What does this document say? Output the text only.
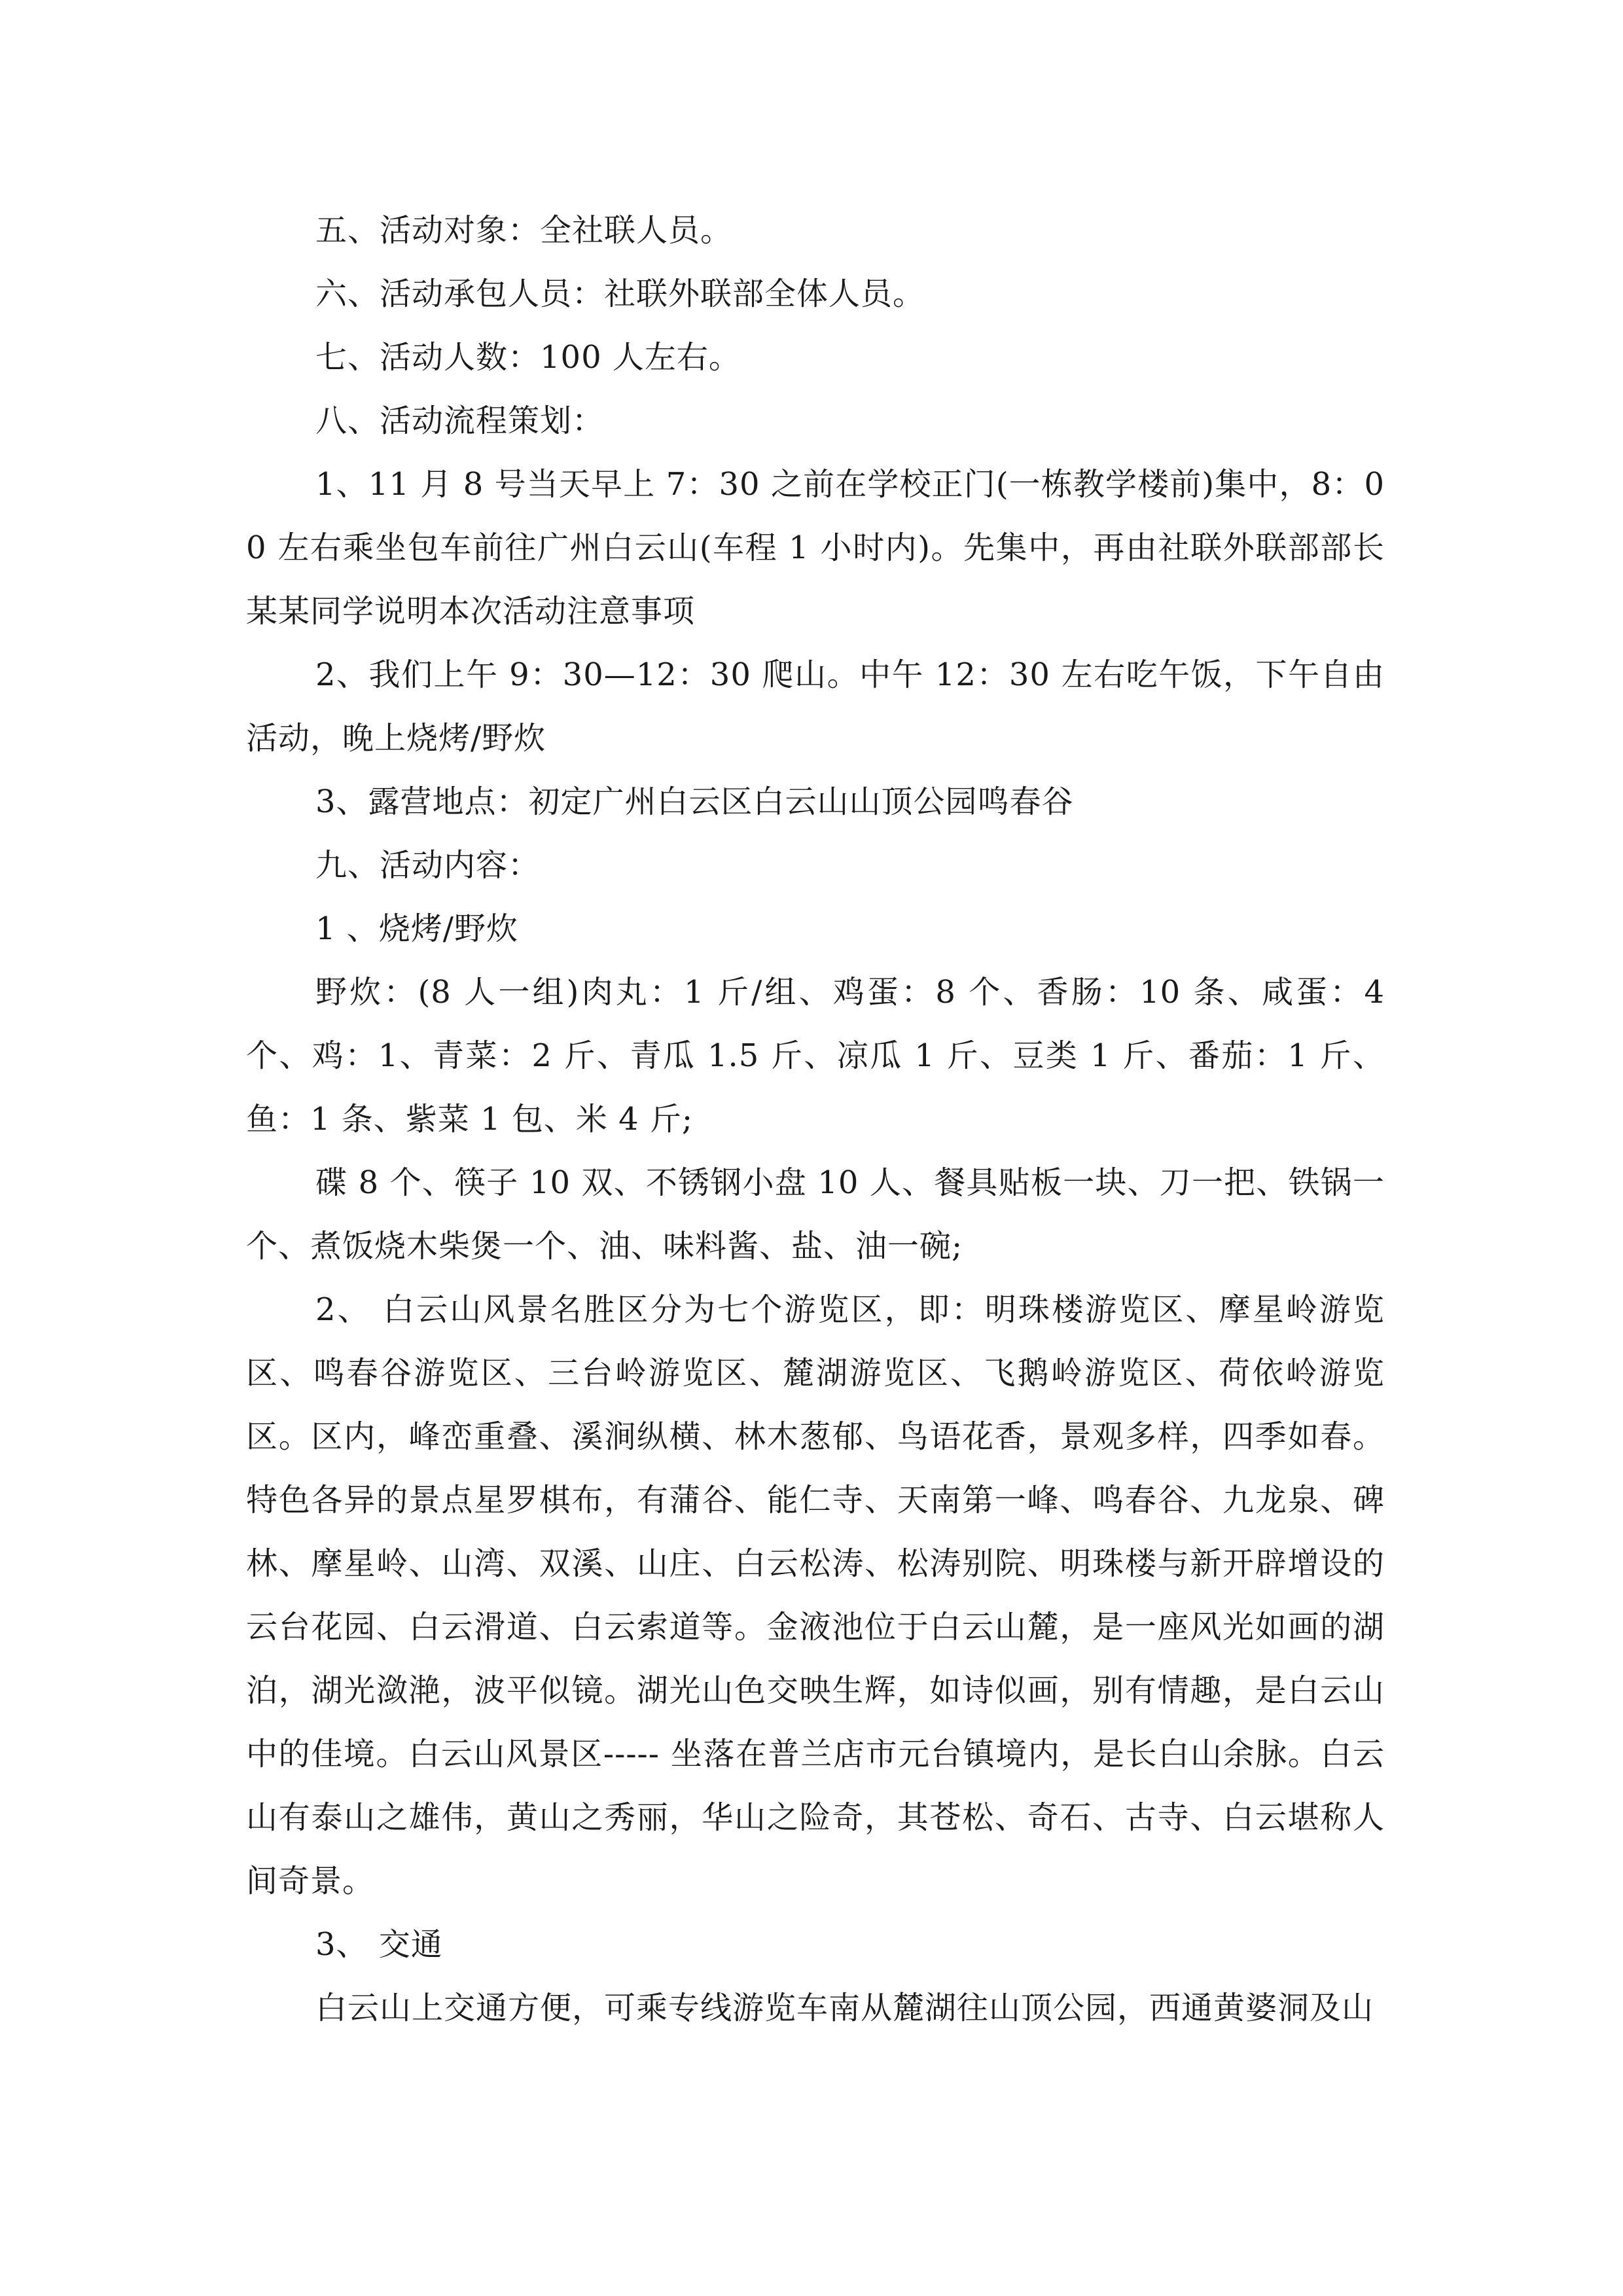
五、活动对象：全社联人员。

六、活动承包人员：社联外联部全体人员。

七、活动人数：100 人左右。

八、活动流程策划：

1、11 月 8 号当天早上 7：30 之前在学校正门(一栋教学楼前)集中，8：00 左右乘坐包车前往广州白云山(车程 1 小时内)。先集中，再由社联外联部部长某某同学说明本次活动注意事项

2、我们上午 9：30—12：30 爬山。中午 12：30 左右吃午饭，下午自由活动，晚上烧烤/野炊

3、露营地点：初定广州白云区白云山山顶公园鸣春谷

九、活动内容：

1 、烧烤/野炊

野炊：(8 人一组)肉丸：1 斤/组、鸡蛋：8 个、香肠：10 条、咸蛋：4 个、鸡：1、青菜：2 斤、青瓜 1.5 斤、凉瓜 1 斤、豆类 1 斤、番茄：1 斤、鱼：1 条、紫菜 1 包、米 4 斤;

碟 8 个、筷子 10 双、不锈钢小盘 10 人、餐具贴板一块、刀一把、铁锅一个、煮饭烧木柴煲一个、油、味料酱、盐、油一碗;

2、 白云山风景名胜区分为七个游览区，即：明珠楼游览区、摩星岭游览区、鸣春谷游览区、三台岭游览区、麓湖游览区、飞鹅岭游览区、荷依岭游览区。区内，峰峦重叠、溪涧纵横、林木葱郁、鸟语花香，景观多样，四季如春。特色各异的景点星罗棋布，有蒲谷、能仁寺、天南第一峰、鸣春谷、九龙泉、碑林、摩星岭、山湾、双溪、山庄、白云松涛、松涛别院、明珠楼与新开辟增设的云台花园、白云滑道、白云索道等。金液池位于白云山麓，是一座风光如画的湖泊，湖光潋滟，波平似镜。湖光山色交映生辉，如诗似画，别有情趣，是白云山中的佳境。白云山风景区----- 坐落在普兰店市元台镇境内，是长白山余脉。白云山有泰山之雄伟，黄山之秀丽，华山之险奇，其苍松、奇石、古寺、白云堪称人间奇景。

3、 交通

白云山上交通方便，可乘专线游览车南从麓湖往山顶公园，西通黄婆洞及山
